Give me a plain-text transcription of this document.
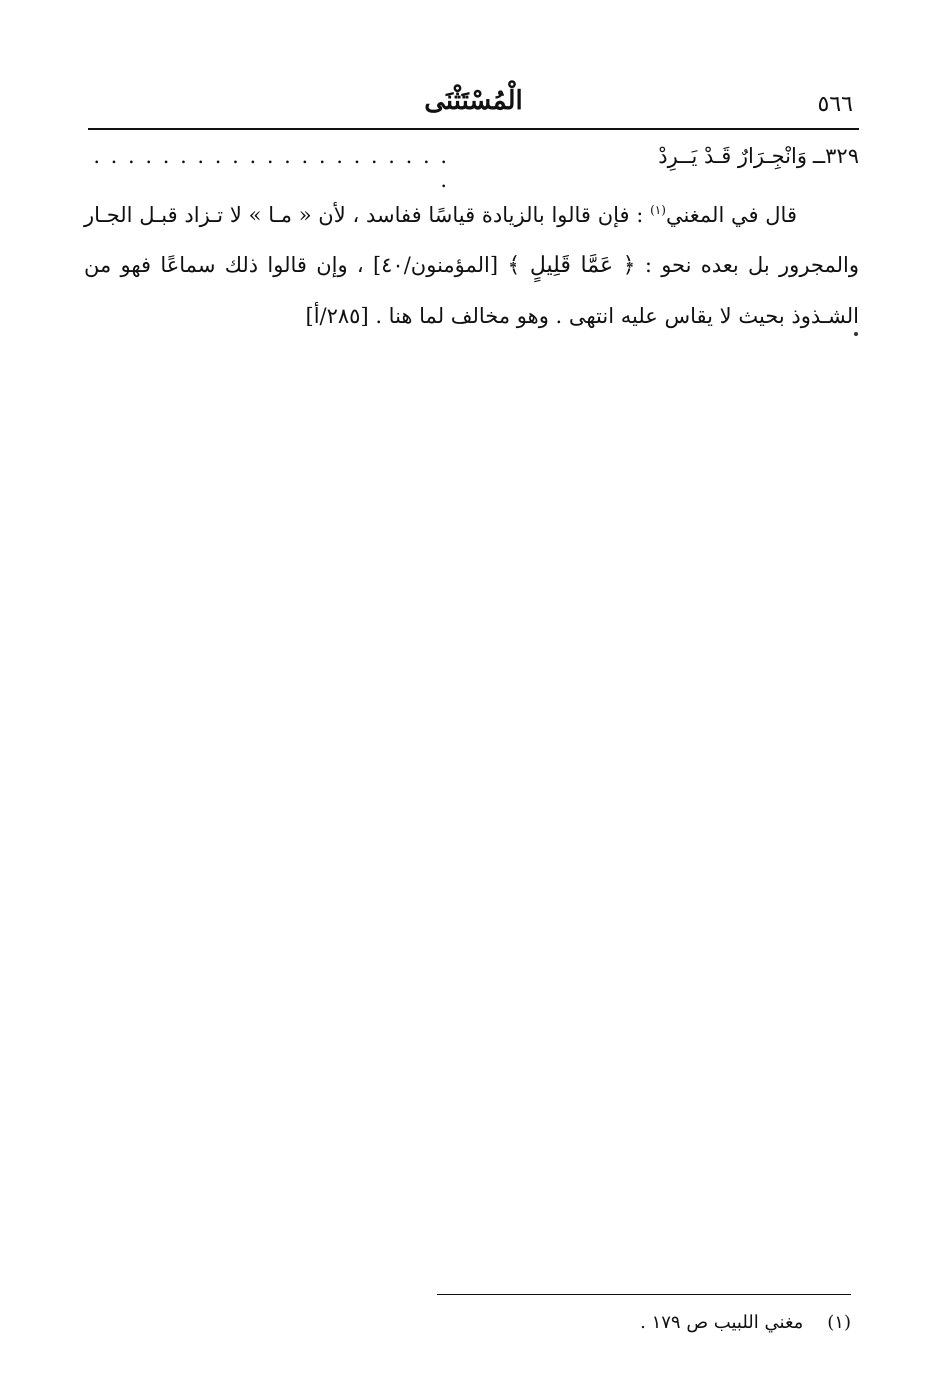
٥٦٦
الْمُسْتَثْنَى
٣٢٩ــ
وَانْجِـرَارٌ قَـدْ يَــرِدْ
. . . . . . . . . . . . . . . . . . . . . .
قال في المغني$^{(١)}$ : فإن قالوا بالزيادة قياسًا ففاسد ، لأن « مـا » لا تـزاد قبـل الجـار والمجرور بل بعده نحو : ﴿ عَمَّا قَلِيلٍ ﴾ [المؤمنون/٤٠] ، وإن قالوا ذلك سماعًا فهو من الشـذوذ بحيث لا يقاس عليه انتهى . وهو مخالف لما هنا . [٢٨٥/أ]
(١) مغني اللبيب ص ١٧٩ .
